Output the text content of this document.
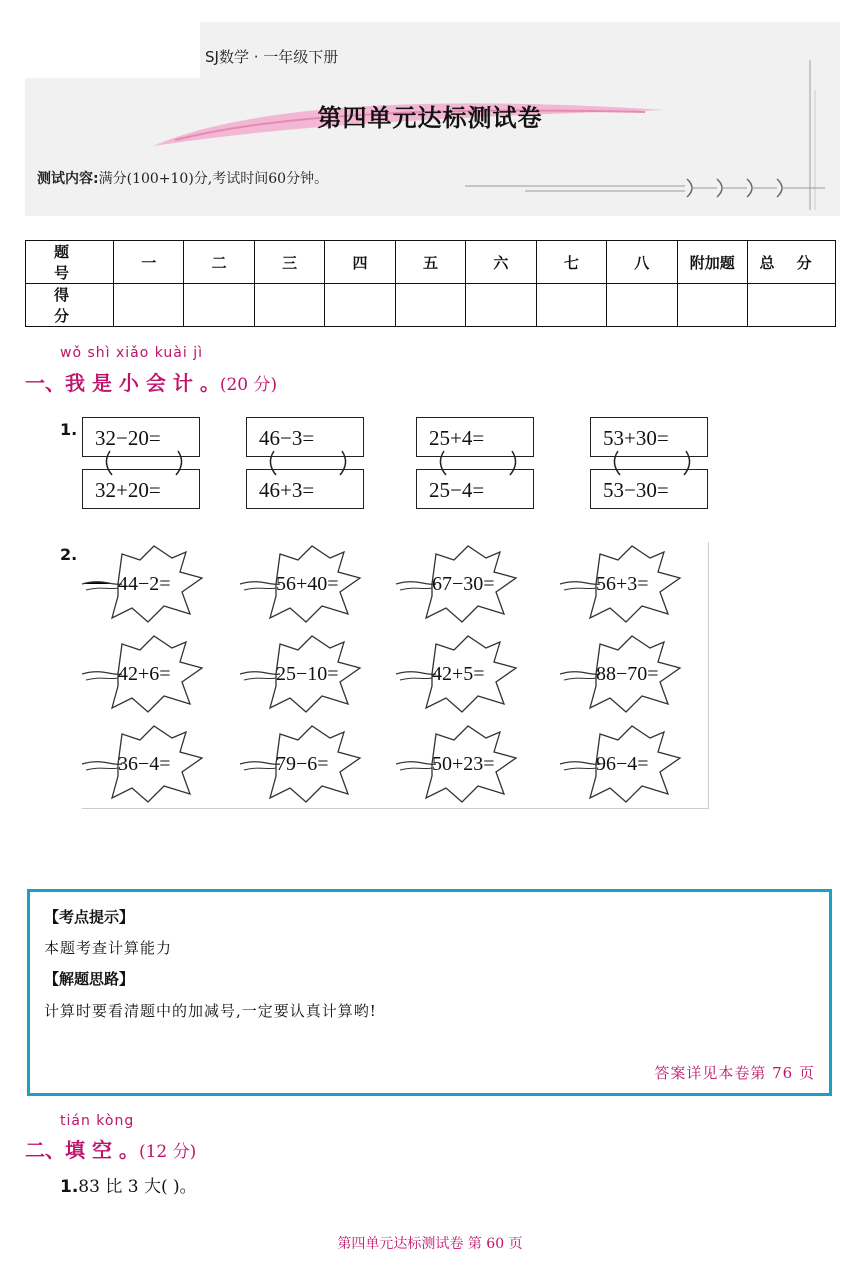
SJ数学 · 一年级下册
第四单元达标测试卷
测试内容:满分(100+10)分,考试时间60分钟。
题号	一	二	三	四	五	六	七	八	附加题	总分
得分										
wǒ shì xiǎo kuài jì
一、我 是 小 会 计 。(20 分)
1. 32−20=
32+20=
46−3=
46+3=
25+4=
25−4=
53+30=
53−30=
2.
44−2=	56+40=	67−30=	56+3=
42+6=	25−10=	42+5=	88−70=
36−4=	79−6=	50+23=	96−4=
【考点提示】
本题考查计算能力
【解题思路】
计算时要看清题中的加减号,一定要认真计算哟!
答案详见本卷第 76 页
tián kòng
二、填 空 。(12 分)
1.83 比 3 大( )。
第四单元达标测试卷 第 60 页
